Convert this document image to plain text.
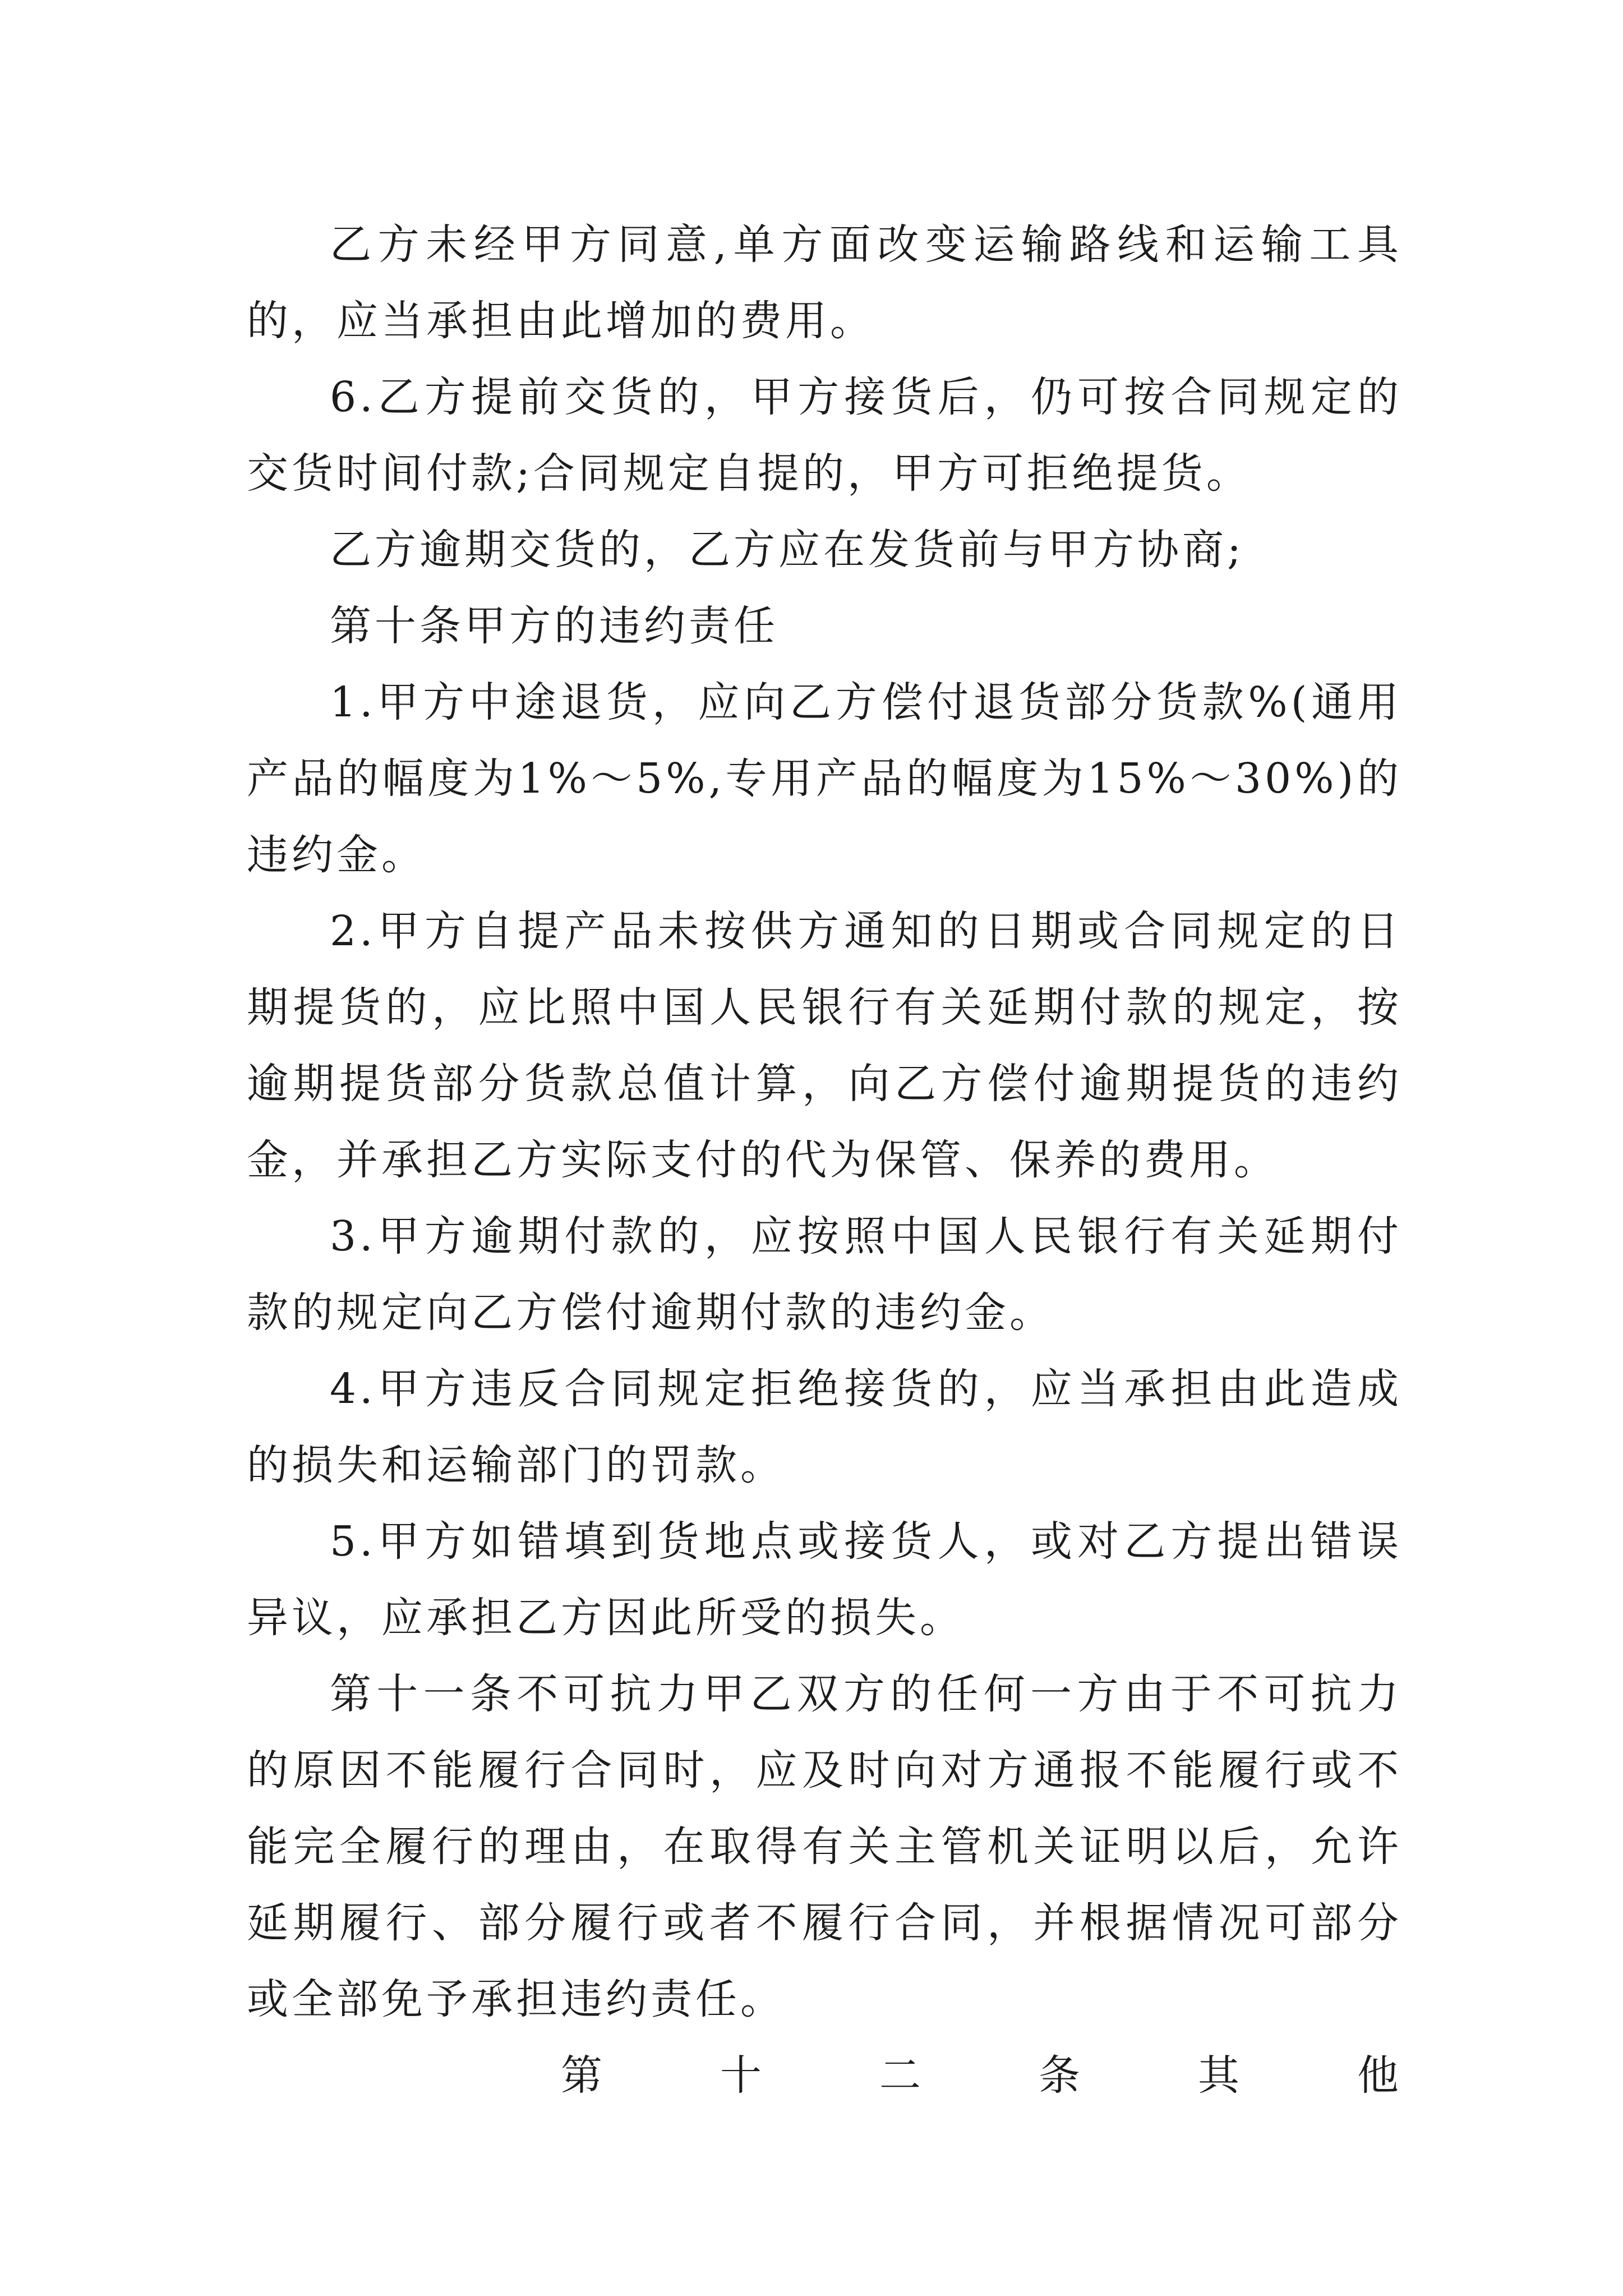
乙方未经甲方同意,单方面改变运输路线和运输工具的，应当承担由此增加的费用。

6.乙方提前交货的，甲方接货后，仍可按合同规定的交货时间付款;合同规定自提的，甲方可拒绝提货。

乙方逾期交货的，乙方应在发货前与甲方协商;

第十条甲方的违约责任

1.甲方中途退货，应向乙方偿付退货部分货款%(通用产品的幅度为1%～5%,专用产品的幅度为15%～30%)的违约金。

2.甲方自提产品未按供方通知的日期或合同规定的日期提货的，应比照中国人民银行有关延期付款的规定，按逾期提货部分货款总值计算，向乙方偿付逾期提货的违约金，并承担乙方实际支付的代为保管、保养的费用。

3.甲方逾期付款的，应按照中国人民银行有关延期付款的规定向乙方偿付逾期付款的违约金。

4.甲方违反合同规定拒绝接货的，应当承担由此造成的损失和运输部门的罚款。

5.甲方如错填到货地点或接货人，或对乙方提出错误异议，应承担乙方因此所受的损失。

第十一条不可抗力甲乙双方的任何一方由于不可抗力的原因不能履行合同时，应及时向对方通报不能履行或不能完全履行的理由，在取得有关主管机关证明以后，允许延期履行、部分履行或者不履行合同，并根据情况可部分或全部免予承担违约责任。

第	十	二	条	其	他
